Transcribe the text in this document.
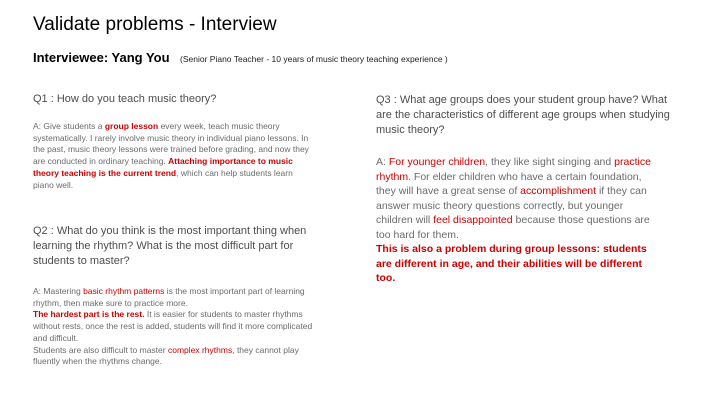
Validate problems - Interview
Interviewee: Yang You (Senior Piano Teacher - 10 years of music theory teaching experience )
Q1 : How do you teach music theory?
A: Give students a group lesson every week, teach music theory systematically. I rarely involve music theory in individual piano lessons. In the past, music theory lessons were trained before grading, and now they are conducted in ordinary teaching. Attaching importance to music theory teaching is the current trend, which can help students learn piano well.
Q2 : What do you think is the most important thing when learning the rhythm? What is the most difficult part for students to master?
A: Mastering basic rhythm patterns is the most important part of learning rhythm, then make sure to practice more.
The hardest part is the rest. It is easier for students to master rhythms without rests, once the rest is added, students will find it more complicated and difficult.
Students are also difficult to master complex rhythms, they cannot play fluently when the rhythms change.
Q3 : What age groups does your student group have? What are the characteristics of different age groups when studying music theory?
A: For younger children, they like sight singing and practice rhythm. For elder children who have a certain foundation, they will have a great sense of accomplishment if they can answer music theory questions correctly, but younger children will feel disappointed because those questions are too hard for them.
This is also a problem during group lessons: students are different in age, and their abilities will be different too.
